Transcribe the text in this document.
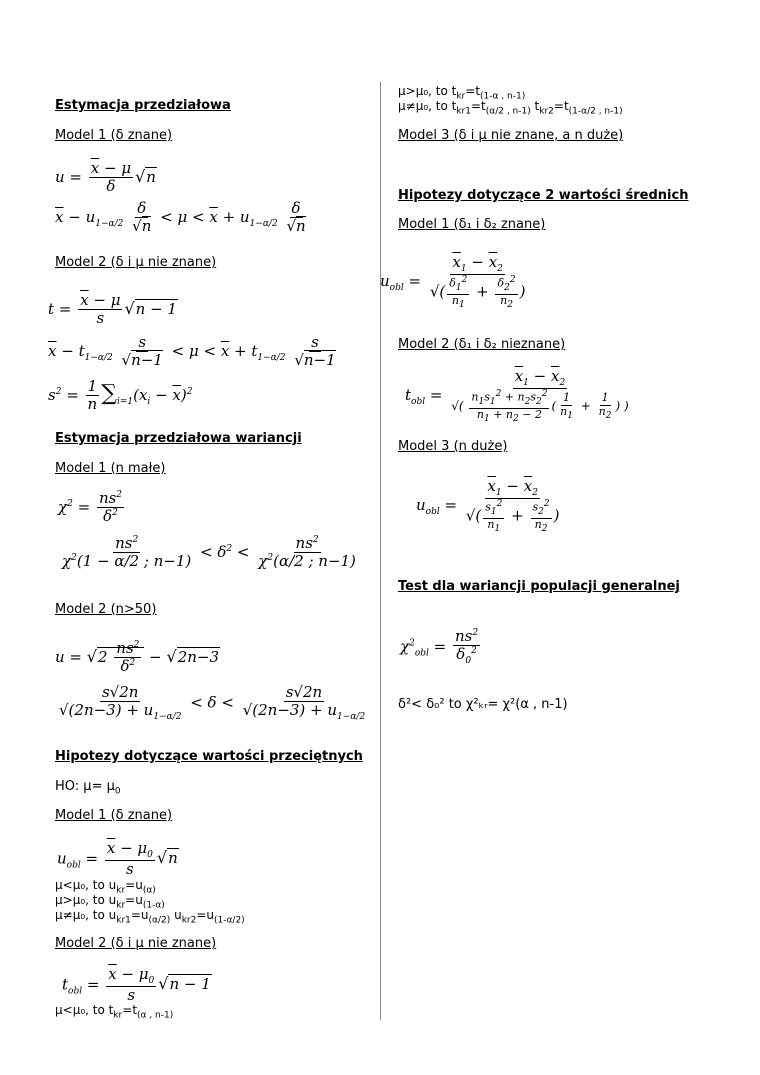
Estymacja przedziałowa
Model 1 (δ znane)
$u = \frac{\overline{x} - \mu}{\delta} √n$
$\overline{x} - u_{1-\alpha/2} \frac{\delta}{√n} < \mu < \overline{x} + u_{1-\alpha/2} \frac{\delta}{√n}$
Model 2 (δ i μ nie znane)
$t = \frac{\overline{x} - \mu}{s} √n - 1$
$\overline{x} - t_{1-\alpha/2} \frac{s}{√n-1} < \mu < \overline{x} + t_{1-\alpha/2} \frac{s}{√n-1}$
$s^2 = \frac{1}{n} \sum_{i=1}(x_i - \overline{x})^2$
Estymacja przedziałowa wariancji
Model 1 (n małe)
$\chi^2 = \frac{ns^2}{\delta^2}$
$\frac{ns^2}{\chi^2(1 - \alpha/2 ; n-1)} < \delta^2 < \frac{ns^2}{\chi^2(\alpha/2 ; n-1)}$
Model 2 (n>50)
$u = √2 \frac{ns^2}{\delta^2} - √2n-3$
$\frac{s√2n}{√(2n-3) + u_{1-\alpha/2}} < \delta < \frac{s√2n}{√(2n-3) + u_{1-\alpha/2}}$
Hipotezy dotyczące wartości przeciętnych
HO: $\mu= \mu_0$
Model 1 (δ znane)
$u_{obl} = \frac{\overline{x} - \mu_0}{s} √n$
μ<μ₀, to $u_{kr}=u_{(\alpha)}$
μ>μ₀, to $u_{kr}=u_{(1-\alpha)}$
μ≠μ₀, to $u_{kr1}=u_{(\alpha/2)}$ $u_{kr2}=u_{(1-\alpha/2)}$
Model 2 (δ i μ nie znane)
$t_{obl} = \frac{\overline{x} - \mu_0}{s} √n - 1$
μ<μ₀, to $t_{kr}=t_{(\alpha , n-1)}$
μ>μ₀, to $t_{kr}=t_{(1-\alpha , n-1)}$
μ≠μ₀, to $t_{kr1}=t_{(\alpha/2 , n-1)}$ $t_{kr2}=t_{(1-\alpha/2 , n-1)}$
Model 3 (δ i μ nie znane, a n duże)
Hipotezy dotyczące 2 wartości średnich
Model 1 (δ₁ i δ₂ znane)
$u_{obl} = \frac{\overline{x}_1 - \overline{x}_2}{√( \frac{\delta_1^2}{n_1} + \frac{\delta_2^2}{n_2} )}$
Model 2 (δ₁ i δ₂ nieznane)
$t_{obl} = \frac{\overline{x}_1 - \overline{x}_2}{√( \frac{n_1s_1^2 + n_2s_2^2}{n_1 + n_2 - 2} ( \frac{1}{n_1} + \frac{1}{n_2} ) )}$
Model 3 (n duże)
$u_{obl} = \frac{\overline{x}_1 - \overline{x}_2}{√( \frac{s_1^2}{n_1} + \frac{s_2^2}{n_2} )}$
Test dla wariancji populacji generalnej
$\chi^2_{obl} = \frac{ns^2}{\delta_0^2}$
δ²< δ₀² to χ²ₖᵣ= χ²(α , n-1)
